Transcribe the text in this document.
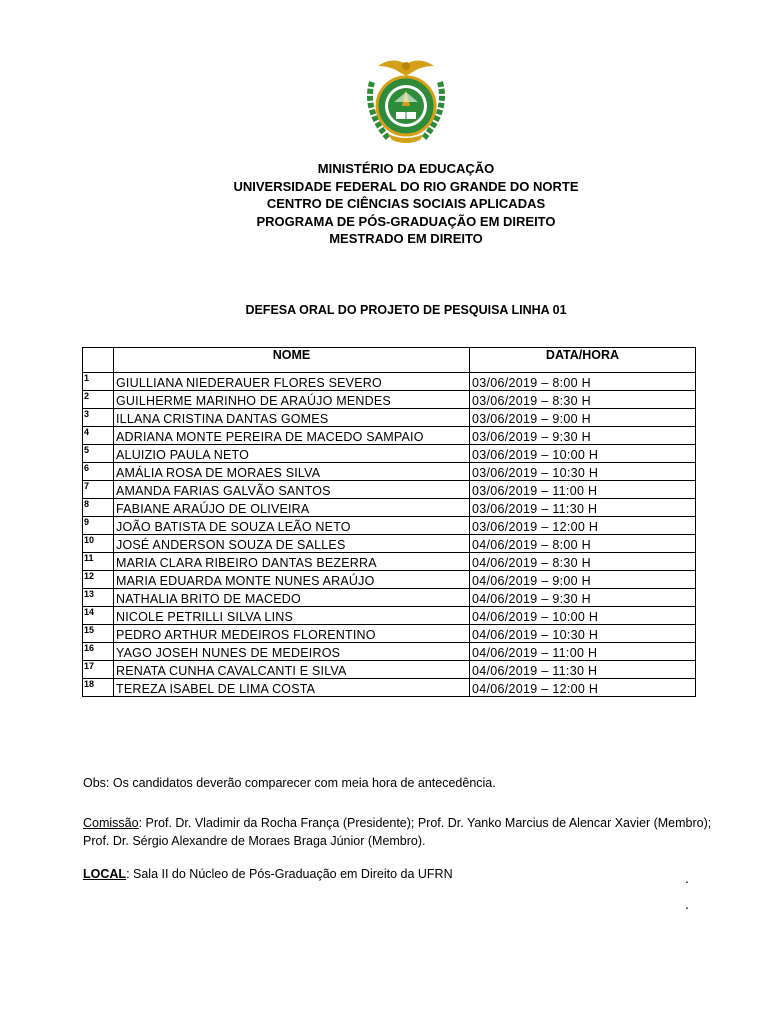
MINISTÉRIO DA EDUCAÇÃO
UNIVERSIDADE FEDERAL DO RIO GRANDE DO NORTE
CENTRO DE CIÊNCIAS SOCIAIS APLICADAS
PROGRAMA DE PÓS-GRADUAÇÃO EM DIREITO
MESTRADO EM DIREITO
DEFESA ORAL DO PROJETO DE PESQUISA LINHA 01
	NOME	DATA/HORA
1	GIULLIANA NIEDERAUER FLORES SEVERO	03/06/2019 – 8:00 H
2	GUILHERME MARINHO DE ARAÚJO MENDES	03/06/2019 – 8:30 H
3	ILLANA CRISTINA DANTAS GOMES	03/06/2019 – 9:00 H
4	ADRIANA MONTE PEREIRA DE MACEDO SAMPAIO	03/06/2019 – 9:30 H
5	ALUIZIO PAULA NETO	03/06/2019 – 10:00 H
6	AMÁLIA ROSA DE MORAES SILVA	03/06/2019 – 10:30 H
7	AMANDA FARIAS GALVÃO SANTOS	03/06/2019 – 11:00 H
8	FABIANE ARAÚJO DE OLIVEIRA	03/06/2019 – 11:30 H
9	JOÃO BATISTA DE SOUZA LEÃO NETO	03/06/2019 – 12:00 H
10	JOSÉ ANDERSON SOUZA DE SALLES	04/06/2019 – 8:00 H
11	MARIA CLARA RIBEIRO DANTAS BEZERRA	04/06/2019 – 8:30 H
12	MARIA EDUARDA MONTE NUNES ARAÚJO	04/06/2019 – 9:00 H
13	NATHALIA BRITO DE MACEDO	04/06/2019 – 9:30 H
14	NICOLE PETRILLI SILVA LINS	04/06/2019 – 10:00 H
15	PEDRO ARTHUR MEDEIROS FLORENTINO	04/06/2019 – 10:30 H
16	YAGO JOSEH NUNES DE MEDEIROS	04/06/2019 – 11:00 H
17	RENATA CUNHA CAVALCANTI E SILVA	04/06/2019 – 11:30 H
18	TEREZA ISABEL DE LIMA COSTA	04/06/2019 – 12:00 H
Obs: Os candidatos deverão comparecer com meia hora de antecedência.
Comissão: Prof. Dr. Vladimir da Rocha França (Presidente); Prof. Dr. Yanko Marcius de Alencar Xavier (Membro); Prof. Dr. Sérgio Alexandre de Moraes Braga Júnior (Membro).
LOCAL: Sala II do Núcleo de Pós-Graduação em Direito da UFRN	.
.
